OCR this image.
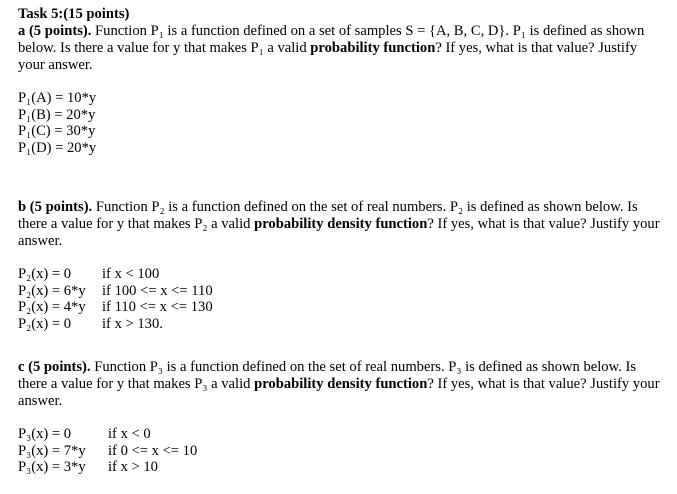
Task 5:(15 points)

a (5 points). Function P₁ is a function defined on a set of samples S = {A, B, C, D}. P₁ is defined as shown below. Is there a value for y that makes P₁ a valid probability function? If yes, what is that value? Justify your answer.

P₁(A) = 10*y
P₁(B) = 20*y
P₁(C) = 30*y
P₁(D) = 20*y

b (5 points). Function P₂ is a function defined on the set of real numbers. P₂ is defined as shown below. Is there a value for y that makes P₂ a valid probability density function? If yes, what is that value? Justify your answer.

P₂(x) = 0	if x < 100
P₂(x) = 6*y	if 100 <= x <= 110
P₂(x) = 4*y	if 110 <= x <= 130
P₂(x) = 0	if x > 130.

c (5 points). Function P₃ is a function defined on the set of real numbers. P₃ is defined as shown below. Is there a value for y that makes P₃ a valid probability density function? If yes, what is that value? Justify your answer.

P₃(x) = 0	if x < 0
P₃(x) = 7*y	if 0 <= x <= 10
P₃(x) = 3*y	if x > 10
